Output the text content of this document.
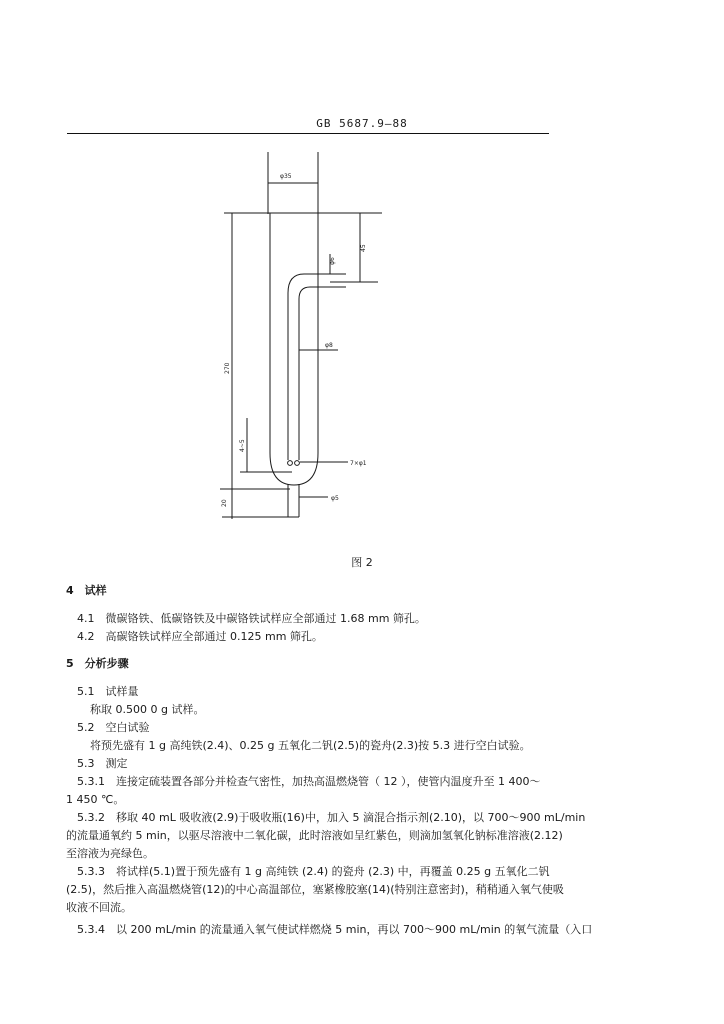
GB 5687.9—88
φ35
45
φ6
φ8
270
4~5
7×φ1
20
φ5
图 2
4　试样
4.1　微碳铬铁、低碳铬铁及中碳铬铁试样应全部通过 1.68 mm 筛孔。
4.2　高碳铬铁试样应全部通过 0.125 mm 筛孔。
5　分析步骤
5.1　试样量
称取 0.500 0 g 试样。
5.2　空白试验
将预先盛有 1 g 高纯铁(2.4)、0.25 g 五氧化二钒(2.5)的瓷舟(2.3)按 5.3 进行空白试验。
5.3　测定
5.3.1　连接定硫装置各部分并检查气密性，加热高温燃烧管（ 12 ），使管内温度升至 1 400～
1 450 ℃。
5.3.2　移取 40 mL 吸收液(2.9)于吸收瓶(16)中，加入 5 滴混合指示剂(2.10)，以 700～900 mL/min
的流量通氧约 5 min，以驱尽溶液中二氧化碳，此时溶液如呈红紫色，则滴加氢氧化钠标准溶液(2.12)
至溶液为亮绿色。
5.3.3　将试样(5.1)置于预先盛有 1 g 高纯铁 (2.4) 的瓷舟 (2.3) 中，再覆盖 0.25 g 五氧化二钒
(2.5)，然后推入高温燃烧管(12)的中心高温部位，塞紧橡胶塞(14)(特别注意密封)，稍稍通入氧气使吸
收液不回流。
5.3.4　以 200 mL/min 的流量通入氧气使试样燃烧 5 min，再以 700～900 mL/min 的氧气流量（入口
